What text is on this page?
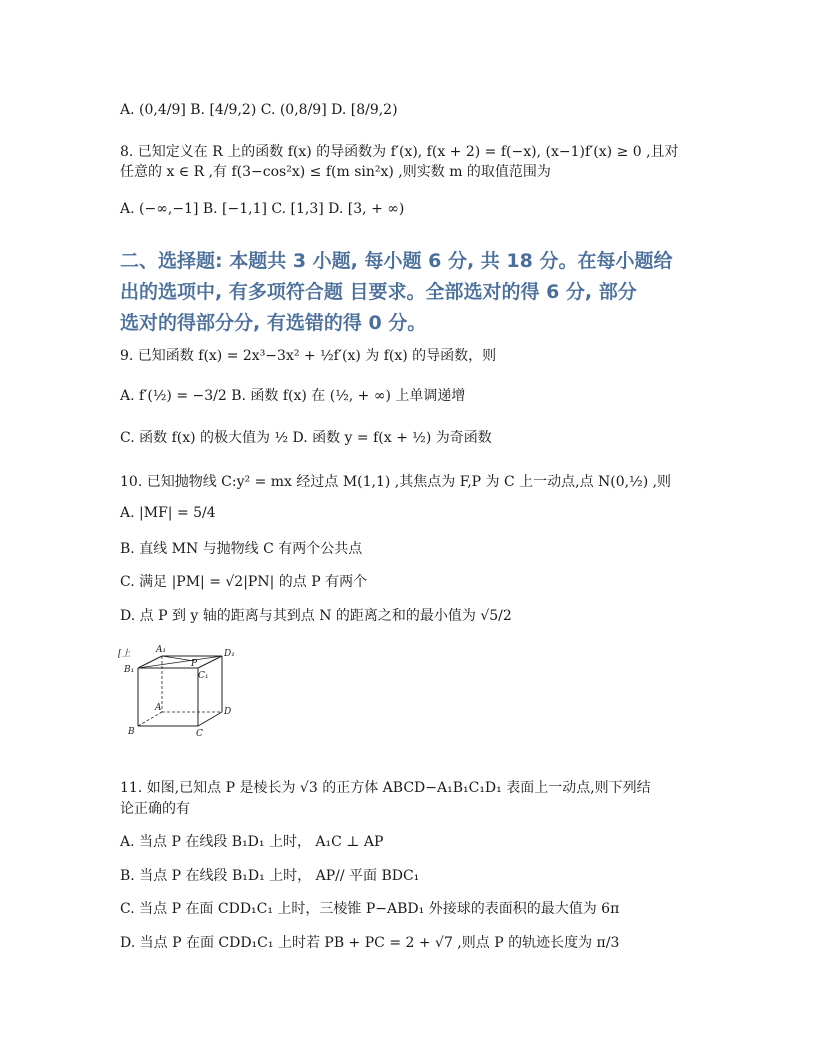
A. (0,4/9] B. [4/9,2) C. (0,8/9] D. [8/9,2)
8. 已知定义在 R 上的函数 f(x) 的导函数为 f′(x), f(x + 2) = f(−x), (x−1)f′(x) ≥ 0 ,且对
任意的 x ∈ R ,有 f(3−cos²x) ≤ f(m sin²x) ,则实数 m 的取值范围为
A. (−∞,−1] B. [−1,1] C. [1,3] D. [3, + ∞)
二、选择题: 本题共 3 小题, 每小题 6 分, 共 18 分。在每小题给
出的选项中, 有多项符合题 目要求。全部选对的得 6 分, 部分
选对的得部分分, 有选错的得 0 分。
9. 已知函数 f(x) = 2x³−3x² + ½f′(x) 为 f(x) 的导函数，则
A. f′(½) = −3/2 B. 函数 f(x) 在 (½, + ∞) 上单调递增
C. 函数 f(x) 的极大值为 ½ D. 函数 y = f(x + ½) 为奇函数
10. 已知抛物线 C:y² = mx 经过点 M(1,1) ,其焦点为 F,P 为 C 上一动点,点 N(0,½) ,则
A. |MF| = 5/4
B. 直线 MN 与抛物线 C 有两个公共点
C. 满足 |PM| = √2|PN| 的点 P 有两个
D. 点 P 到 y 轴的距离与其到点 N 的距离之和的最小值为 √5/2
[上	A₁	D₁
B₁
P
C₁
A	D
B	C
11. 如图,已知点 P 是棱长为 √3 的正方体 ABCD−A₁B₁C₁D₁ 表面上一动点,则下列结
论正确的有
A. 当点 P 在线段 B₁D₁ 上时， A₁C ⊥ AP
B. 当点 P 在线段 B₁D₁ 上时， AP// 平面 BDC₁
C. 当点 P 在面 CDD₁C₁ 上时，三棱锥 P−ABD₁ 外接球的表面积的最大值为 6π
D. 当点 P 在面 CDD₁C₁ 上时若 PB + PC = 2 + √7 ,则点 P 的轨迹长度为 π/3
